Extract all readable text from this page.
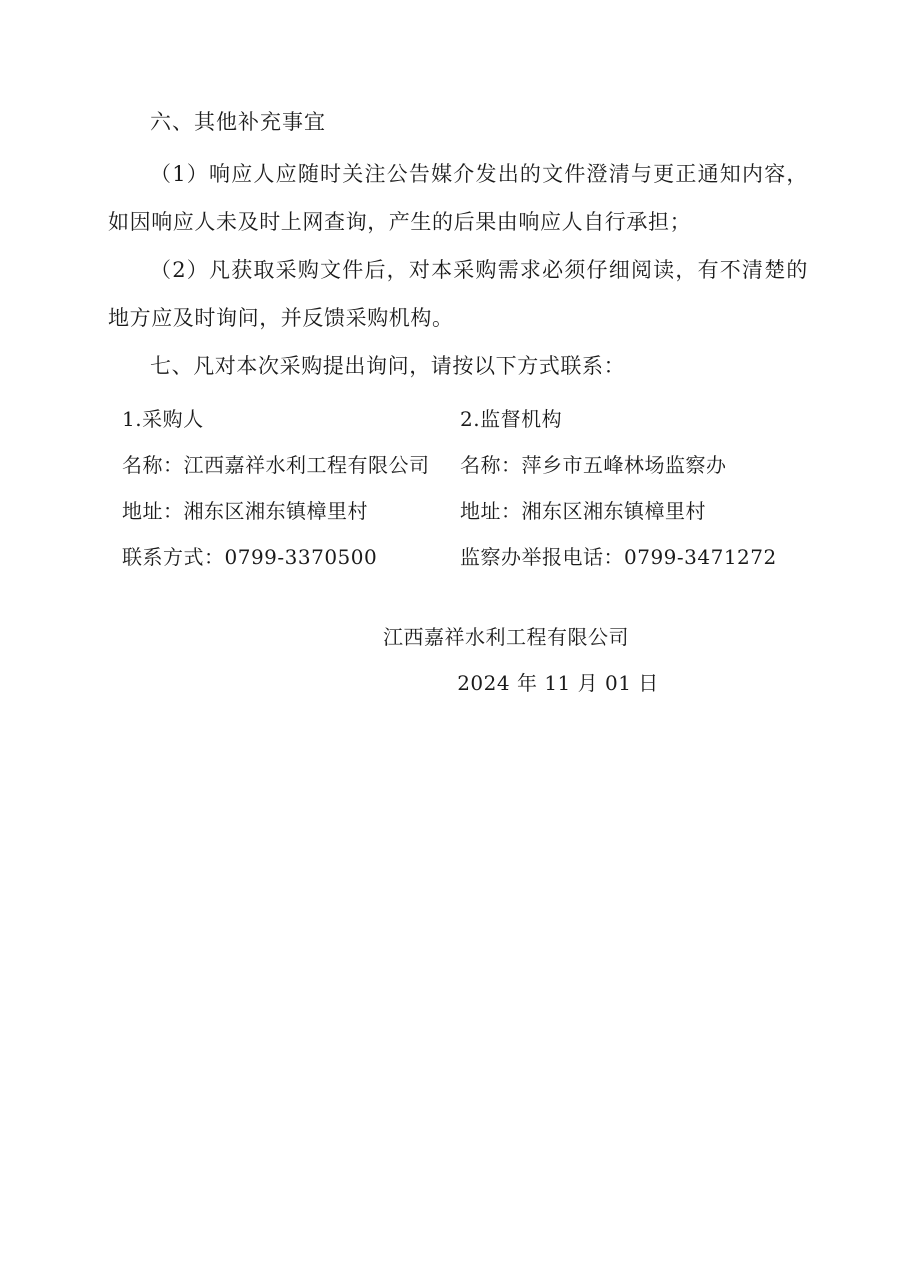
六、其他补充事宜

（1）响应人应随时关注公告媒介发出的文件澄清与更正通知内容，如因响应人未及时上网查询，产生的后果由响应人自行承担；

（2）凡获取采购文件后，对本采购需求必须仔细阅读，有不清楚的地方应及时询问，并反馈采购机构。

七、凡对本次采购提出询问，请按以下方式联系：

1.采购人	2.监督机构
名称：江西嘉祥水利工程有限公司	名称：萍乡市五峰林场监察办
地址：湘东区湘东镇樟里村	地址：湘东区湘东镇樟里村
联系方式：0799-3370500	监察办举报电话：0799-3471272
江西嘉祥水利工程有限公司
2024 年 11 月 01 日
